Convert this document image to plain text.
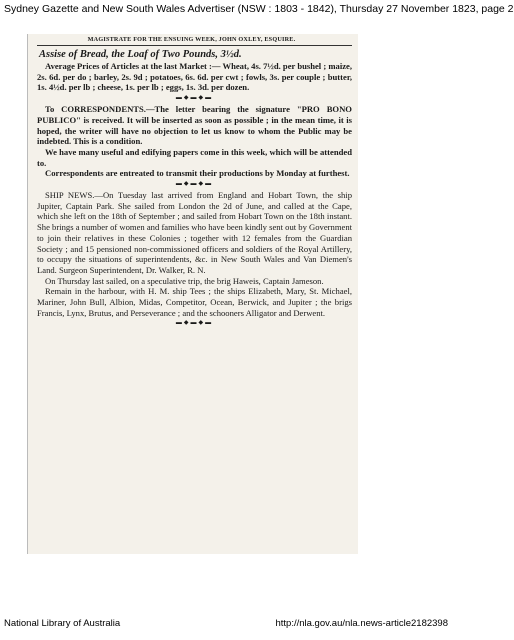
Sydney Gazette and New South Wales Advertiser (NSW : 1803 - 1842), Thursday 27 November 1823, page 2
MAGISTRATE FOR THE ENSUING WEEK, JOHN OXLEY, ESQUIRE.
Assise of Bread, the Loaf of Two Pounds, 3½d.

Average Prices of Articles at the last Market :— Wheat, 4s. 7½d. per bushel ; maize, 2s. 6d. per do ; barley, 2s. 9d ; potatoes, 6s. 6d. per cwt ; fowls, 3s. per couple ; butter, 1s. 4½d. per lb ; cheese, 1s. per lb ; eggs, 1s. 3d. per dozen.

▬◆▬◆▬

To CORRESPONDENTS.—The letter bearing the signature "PRO BONO PUBLICO" is received. It will be inserted as soon as possible ; in the mean time, it is hoped, the writer will have no objection to let us know to whom the Public may be indebted. This is a condition.

We have many useful and edifying papers come in this week, which will be attended to.

Correspondents are entreated to transmit their productions by Monday at furthest.

▬◆▬◆▬

SHIP NEWS.—On Tuesday last arrived from England and Hobart Town, the ship Jupiter, Captain Park. She sailed from London the 2d of June, and called at the Cape, which she left on the 18th of September ; and sailed from Hobart Town on the 18th instant. She brings a number of women and families who have been kindly sent out by Government to join their relatives in these Colonies ; together with 12 females from the Guardian Society ; and 15 pensioned non-commissioned officers and soldiers of the Royal Artillery, to occupy the situations of superintendents, &c. in New South Wales and Van Diemen's Land. Surgeon Superintendent, Dr. Walker, R. N.

On Thursday last sailed, on a speculative trip, the brig Haweis, Captain Jameson.

Remain in the harbour, with H. M. ship Tees ; the ships Elizabeth, Mary, St. Michael, Mariner, John Bull, Albion, Midas, Competitor, Ocean, Berwick, and Jupiter ; the brigs Francis, Lynx, Brutus, and Perseverance ; and the schooners Alligator and Derwent.

▬◆▬◆▬
National Library of Australia	http://nla.gov.au/nla.news-article2182398
